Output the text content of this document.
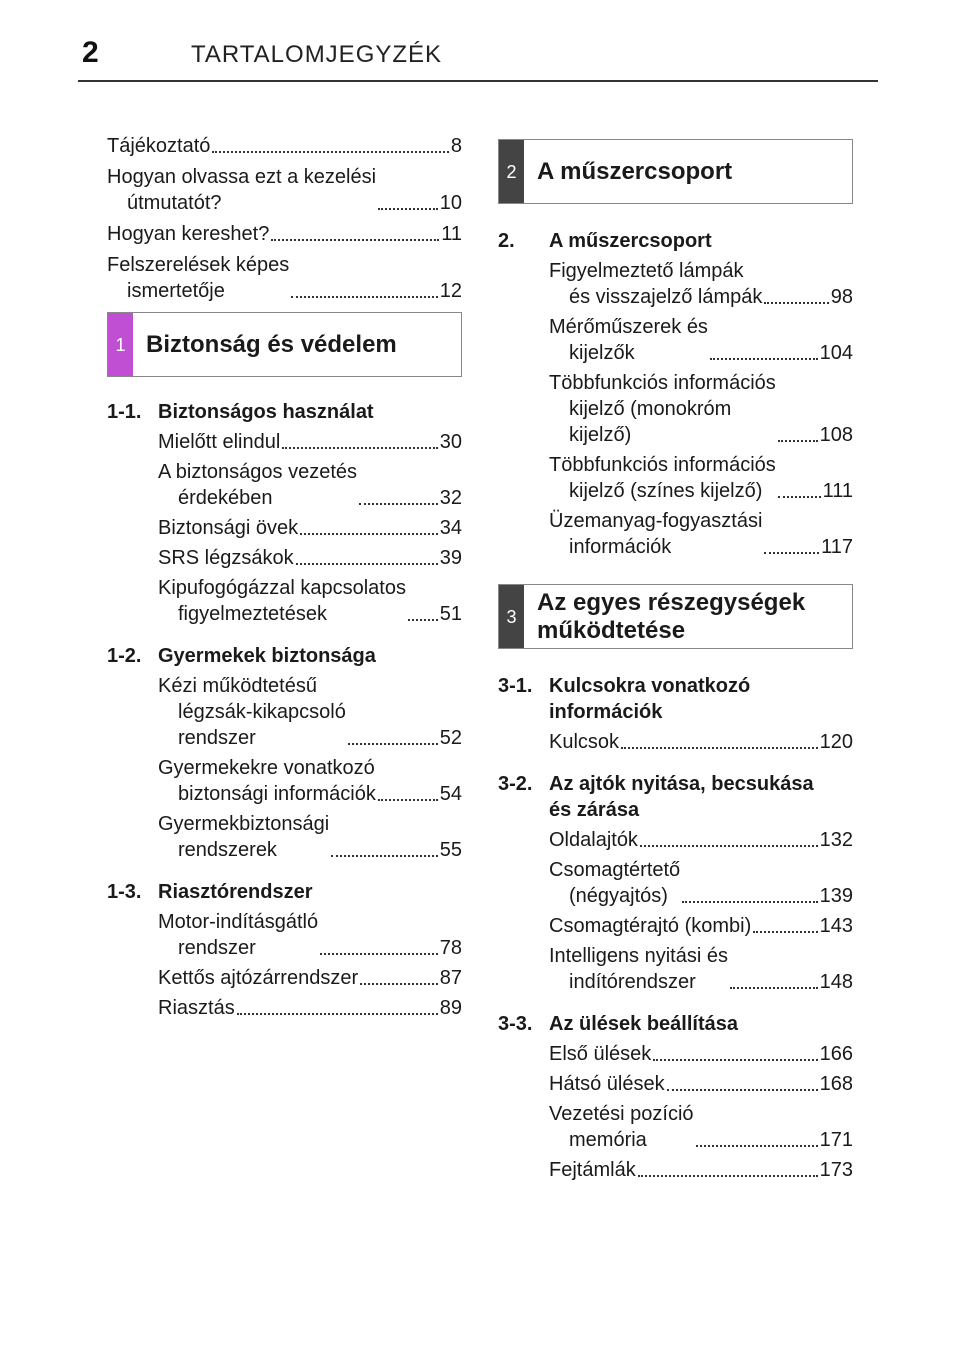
2	TARTALOMJEGYZÉK
Tájékoztató	8
Hogyan olvassa ezt a kezelési
útmutatót?	10
Hogyan kereshet?	11
Felszerelések képes
ismertetője	12
1 Biztonság és védelem
1-1. Biztonságos használat
Mielőtt elindul	30
A biztonságos vezetés
érdekében	32
Biztonsági övek	34
SRS légzsákok	39
Kipufogógázzal kapcsolatos
figyelmeztetések	51
1-2. Gyermekek biztonsága
Kézi működtetésű
légzsák-kikapcsoló
rendszer	52
Gyermekekre vonatkozó
biztonsági információk	54
Gyermekbiztonsági
rendszerek	55
1-3. Riasztórendszer
Motor-indításgátló
rendszer	78
Kettős ajtózárrendszer	87
Riasztás	89
2 A műszercsoport
2.	A műszercsoport
Figyelmeztető lámpák
és visszajelző lámpák	98
Mérőműszerek és
kijelzők	104
Többfunkciós információs
kijelző (monokróm
kijelző)	108
Többfunkciós információs
kijelző (színes kijelző)	111
Üzemanyag-fogyasztási
információk	117
3
Az egyes részegységek
működtetése
3-1. Kulcsokra vonatkozó
információk
Kulcsok	120
3-2. Az ajtók nyitása, becsukása
és zárása
Oldalajtók	132
Csomagtértető
(négyajtós)	139
Csomagtérajtó (kombi)	143
Intelligens nyitási és
indítórendszer	148
3-3. Az ülések beállítása
Első ülések	166
Hátsó ülések	168
Vezetési pozíció
memória	171
Fejtámlák	173
